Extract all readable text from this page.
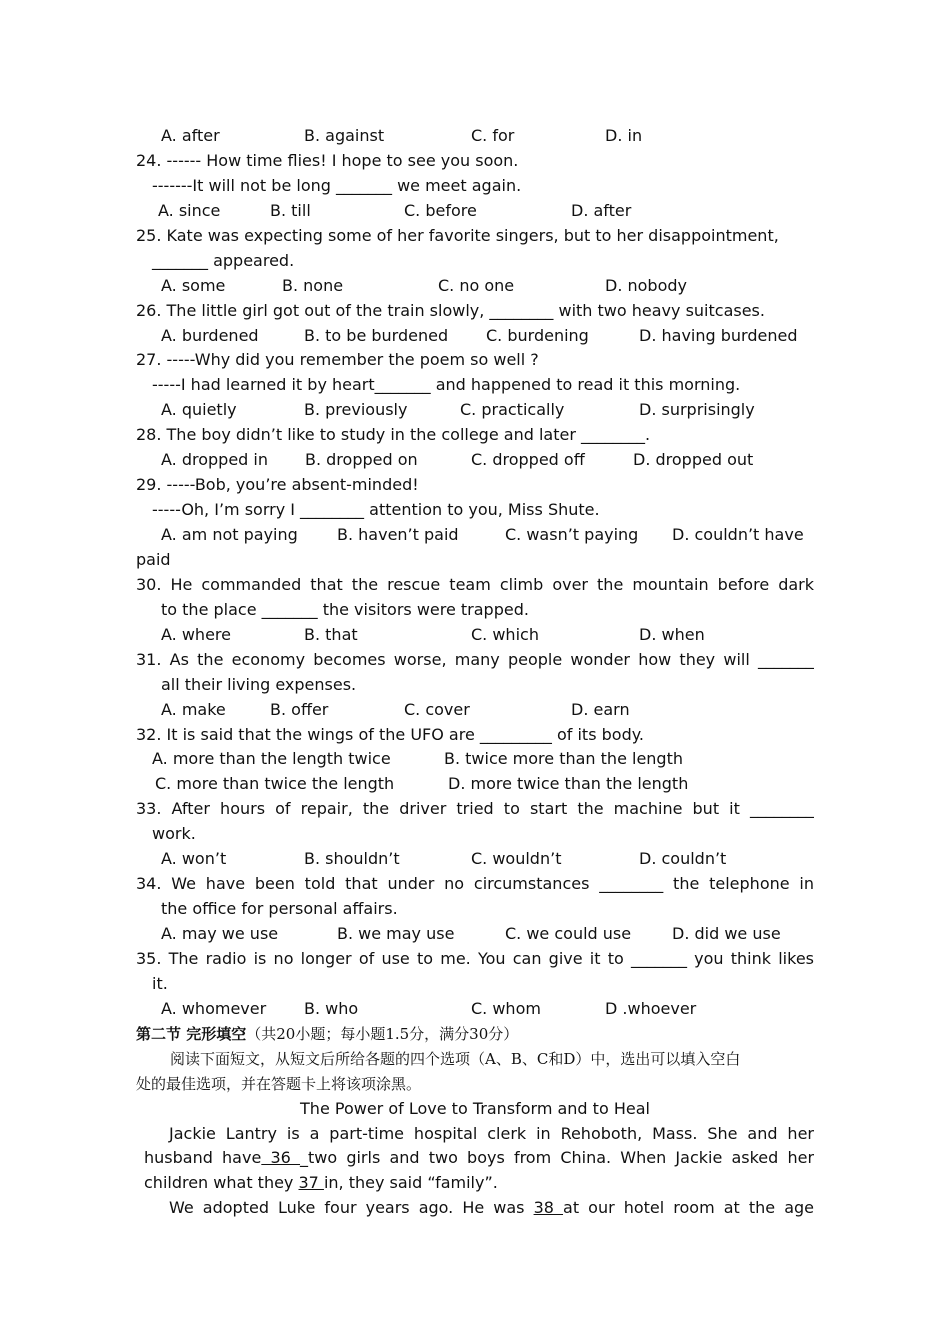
A. after	B. against	C. for	D. in
24. ------ How time flies! I hope to see you soon.
-------It will not be long _______ we meet again.
A. since	B. till	C. before	D. after
25. Kate was expecting some of her favorite singers, but to her disappointment,
_______ appeared.
A. some	B. none	C. no one	D. nobody
26. The little girl got out of the train slowly, ________ with two heavy suitcases.
A. burdened	B. to be burdened C. burdening	D. having burdened
27. -----Why did you remember the poem so well ?
-----I had learned it by heart_______ and happened to read it this morning.
A. quietly	B. previously	C. practically	D. surprisingly
28. The boy didn’t like to study in the college and later ________.
A. dropped in B. dropped on	C. dropped off	D. dropped out
29. -----Bob, you’re absent-minded!
-----Oh, I’m sorry I ________ attention to you, Miss Shute.
A. am not paying B. haven’t paid	C. wasn’t paying D. couldn’t have
paid
30. He commanded that the rescue team climb over the mountain before dark
to the place _______ the visitors were trapped.
A. where	B. that	C. which	D. when
31. As the economy becomes worse, many people wonder how they will _______
all their living expenses.
A. make	B. offer	C. cover	D. earn
32. It is said that the wings of the UFO are _________ of its body.
A. more than the length twice	B. twice more than the length
C. more than twice the length	D. more twice than the length
33. After hours of repair, the driver tried to start the machine but it ________
work.
A. won’t	B. shouldn’t	C. wouldn’t	D. couldn’t
34. We have been told that under no circumstances ________ the telephone in
the office for personal affairs.
A. may we use	B. we may use	C. we could use	D. did we use
35. The radio is no longer of use to me. You can give it to _______ you think likes
it.
A. whomever B. who	C. whom	D .whoever
第二节 完形填空（共20小题；每小题1.5分，满分30分）
阅读下面短文，从短文后所给各题的四个选项（A、B、C和D）中，选出可以填入空白
处的最佳选项，并在答题卡上将该项涂黑。
The Power of Love to Transform and to Heal
Jackie Lantry is a part-time hospital clerk in Rehoboth, Mass. She and her
husband have 36 _two girls and two boys from China. When Jackie asked her
children what they 37 in, they said “family”.
We adopted Luke four years ago. He was 38 at our hotel room at the age
